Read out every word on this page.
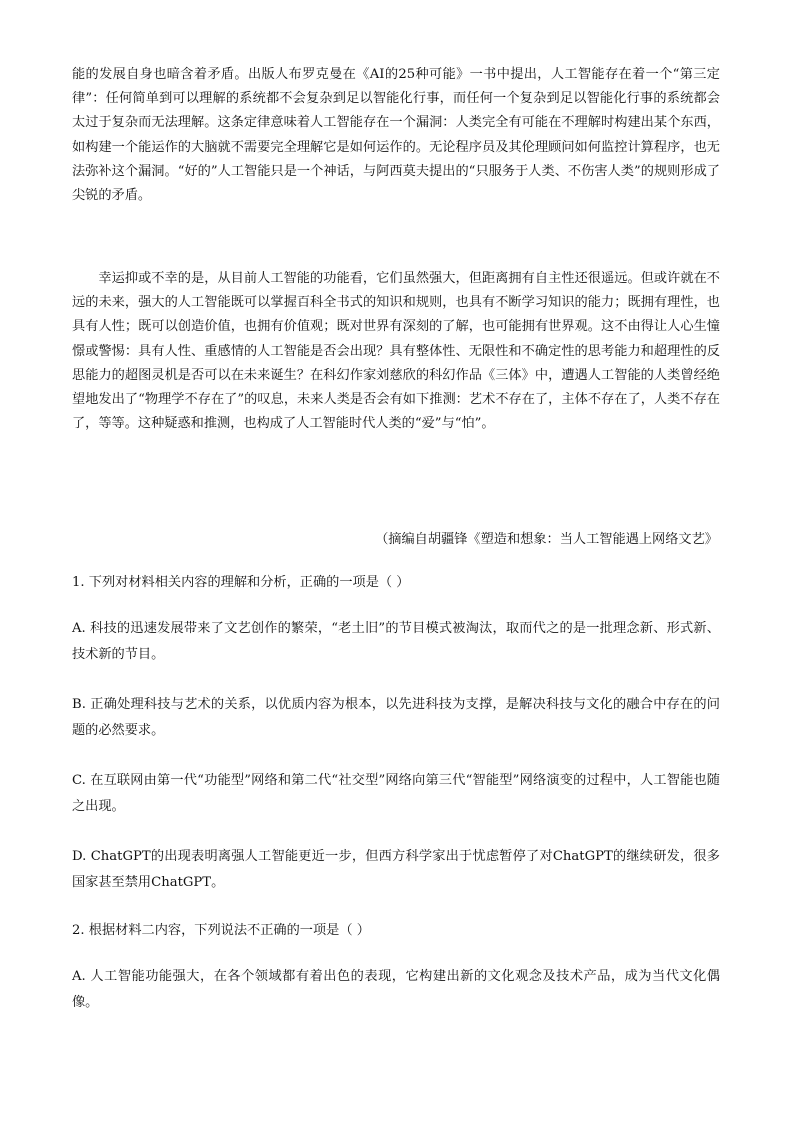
能的发展自身也暗含着矛盾。出版人布罗克曼在《AI的25种可能》一书中提出，人工智能存在着一个“第三定律”：任何简单到可以理解的系统都不会复杂到足以智能化行事，而任何一个复杂到足以智能化行事的系统都会太过于复杂而无法理解。这条定律意味着人工智能存在一个漏洞：人类完全有可能在不理解时构建出某个东西，如构建一个能运作的大脑就不需要完全理解它是如何运作的。无论程序员及其伦理顾问如何监控计算程序，也无法弥补这个漏洞。“好的”人工智能只是一个神话，与阿西莫夫提出的“只服务于人类、不伤害人类”的规则形成了尖锐的矛盾。

幸运抑或不幸的是，从目前人工智能的功能看，它们虽然强大，但距离拥有自主性还很遥远。但或许就在不远的未来，强大的人工智能既可以掌握百科全书式的知识和规则，也具有不断学习知识的能力；既拥有理性，也具有人性；既可以创造价值，也拥有价值观；既对世界有深刻的了解，也可能拥有世界观。这不由得让人心生憧憬或警惕：具有人性、重感情的人工智能是否会出现？具有整体性、无限性和不确定性的思考能力和超理性的反思能力的超图灵机是否可以在未来诞生？在科幻作家刘慈欣的科幻作品《三体》中，遭遇人工智能的人类曾经绝望地发出了“物理学不存在了”的叹息，未来人类是否会有如下推测：艺术不存在了，主体不存在了，人类不存在了，等等。这种疑惑和推测，也构成了人工智能时代人类的“爱”与“怕”。

（摘编自胡疆锋《塑造和想象：当人工智能遇上网络文艺》

1. 下列对材料相关内容的理解和分析，正确的一项是（ ）

A. 科技的迅速发展带来了文艺创作的繁荣，“老土旧”的节目模式被淘汰，取而代之的是一批理念新、形式新、技术新的节目。

B. 正确处理科技与艺术的关系，以优质内容为根本，以先进科技为支撑，是解决科技与文化的融合中存在的问题的必然要求。

C. 在互联网由第一代“功能型”网络和第二代“社交型”网络向第三代“智能型”网络演变的过程中，人工智能也随之出现。

D. ChatGPT的出现表明离强人工智能更近一步，但西方科学家出于忧虑暂停了对ChatGPT的继续研发，很多国家甚至禁用ChatGPT。

2. 根据材料二内容，下列说法不正确的一项是（ ）

A. 人工智能功能强大，在各个领域都有着出色的表现，它构建出新的文化观念及技术产品，成为当代文化偶像。
